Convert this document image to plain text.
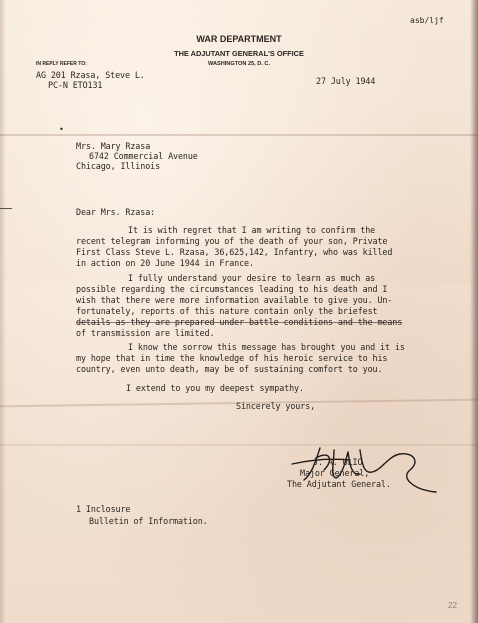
asb/ljf
WAR DEPARTMENT
THE ADJUTANT GENERAL'S OFFICE
WASHINGTON 25, D. C.
IN REPLY REFER TO:
AG 201 Rzasa, Steve L.
PC-N ETO131	27 July 1944
•
Mrs. Mary Rzasa
6742 Commercial Avenue
Chicago, Illinois
Dear Mrs. Rzasa:
It is with regret that I am writing to confirm the
recent telegram informing you of the death of your son, Private
First Class Steve L. Rzasa, 36,625,142, Infantry, who was killed
in action on 20 June 1944 in France.
I fully understand your desire to learn as much as
possible regarding the circumstances leading to his death and I
wish that there were more information available to give you. Un-
fortunately, reports of this nature contain only the briefest
details as they are prepared under battle conditions and the means
of transmission are limited.
I know the sorrow this message has brought you and it is
my hope that in time the knowledge of his heroic service to his
country, even unto death, may be of sustaining comfort to you.
I extend to you my deepest sympathy.
Sincerely yours,
J. A. ULIO
Major General,
The Adjutant General.
1 Inclosure
Bulletin of Information.
22
